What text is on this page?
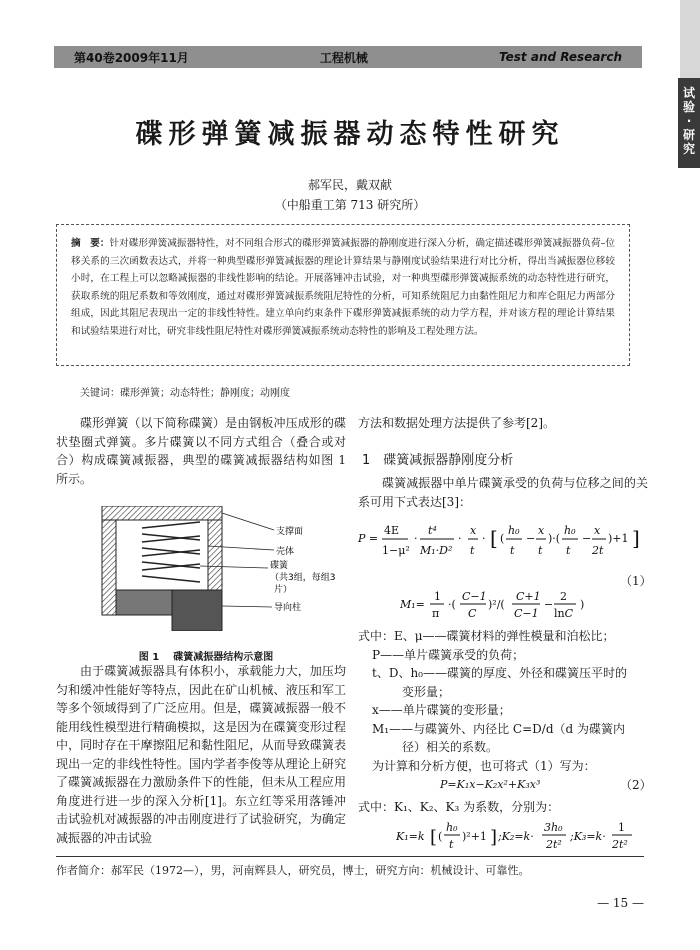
第40卷2009年11月	工程机械	Test and Research
试验
·
研究
碟形弹簧减振器动态特性研究
郝军民，戴双献
（中船重工第 713 研究所）
摘　要：针对碟形弹簧减振器特性，对不同组合形式的碟形弹簧减振器的静刚度进行深入分析，确定描述碟形弹簧减振器负荷–位移关系的三次函数表达式，并将一种典型碟形弹簧减振器的理论计算结果与静刚度试验结果进行对比分析，得出当减振器位移较小时，在工程上可以忽略减振器的非线性影响的结论。开展落锤冲击试验，对一种典型碟形弹簧减振系统的动态特性进行研究，获取系统的阻尼系数和等效刚度，通过对碟形弹簧减振系统阻尼特性的分析，可知系统阻尼力由黏性阻尼力和库仑阻尼力两部分组成，因此其阻尼表现出一定的非线性特性。建立单向约束条件下碟形弹簧减振系统的动力学方程，并对该方程的理论计算结果和试验结果进行对比，研究非线性阻尼特性对碟形弹簧减振系统动态特性的影响及工程处理方法。
关键词：碟形弹簧；动态特性；静刚度；动刚度

碟形弹簧（以下简称碟簧）是由钢板冲压成形的碟状垫圈式弹簧。多片碟簧以不同方式组合（叠合或对合）构成碟簧减振器，典型的碟簧减振器结构如图 1 所示。

支撑面
壳体
碟簧
（共3组，每组3
片）
导向柱
图 1 碟簧减振器结构示意图

由于碟簧减振器具有体积小，承载能力大，加压均匀和缓冲性能好等特点，因此在矿山机械、液压和军工等多个领域得到了广泛应用。但是，碟簧减振器一般不能用线性模型进行精确模拟，这是因为在碟簧变形过程中，同时存在干摩擦阻尼和黏性阻尼，从而导致碟簧表现出一定的非线性特性。国内学者李俊等从理论上研究了碟簧减振器在力激励条件下的性能，但未从工程应用角度进行进一步的深入分析[1]。东立红等采用落锤冲击试验机对减振器的冲击刚度进行了试验研究，为确定减振器的冲击试验

方法和数据处理方法提供了参考[2]。

1　碟簧减振器静刚度分析

碟簧减振器中单片碟簧承受的负荷与位移之间的关系可用下式表达[3]：

P =
4E
1−μ²
·
t⁴
M₁·D²
·
x
t
· [ (
h₀
t
−
x
t
)·(
h₀
t
−
x
2t
)+1 ]
（1）
M₁=
1
π
·(
C−1
C
)²/(
C+1
C−1
−
2
lnC
)

式中：E、μ——碟簧材料的弹性模量和泊松比；

P——单片碟簧承受的负荷；

t、D、h₀——碟簧的厚度、外径和碟簧压平时的

变形量；

x——单片碟簧的变形量；

M₁——与碟簧外、内径比 C=D/d（d 为碟簧内

径）相关的系数。

为计算和分析方便，也可将式（1）写为：

P=K₁x−K₂x²+K₃x³	（2）

式中：K₁、K₂、K₃ 为系数，分别为：

K₁=k [ (
h₀
t
)²+1 ] ;K₂=k·
3h₀
2t²
;K₃=k·
1
2t²
作者简介：郝军民（1972—），男，河南辉县人，研究员，博士，研究方向：机械设计、可靠性。
— 15 —
